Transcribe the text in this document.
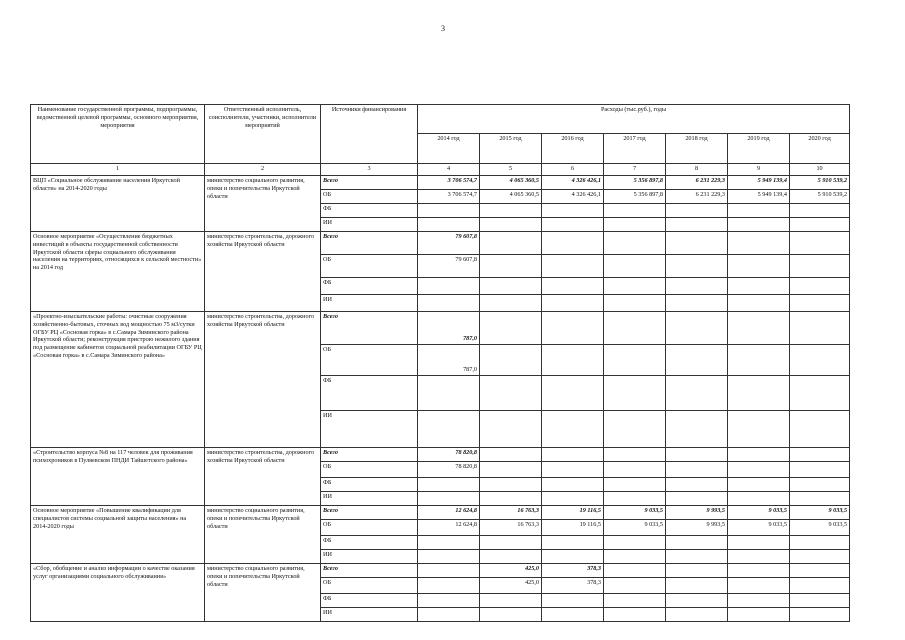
3
Наименование государственной программы, подпрограммы, ведомственной целевой программы, основного мероприятия, мероприятия	Ответственный исполнитель, соисполнители, участники, исполнители мероприятий	Источники финансирования	Расходы (тыс.руб.), годы						
			2014 год	2015 год	2016 год	2017 год	2018 год	2019 год	2020 год
1	2	3	4	5	6	7	8	9	10
ВЦП «Социальное обслуживание населения Иркутской области» на 2014-2020 годы	министерство социального развития, опеки и попечительства Иркутской области	Всего	3 706 574,7	4 065 360,5	4 326 426,1	5 356 897,8	6 231 229,3	5 949 139,4	5 910 539,2
		ОБ	3 706 574,7	4 065 360,5	4 326 426,1	5 356 897,8	6 231 229,3	5 949 139,4	5 910 539,2
		ФБ							
		ИИ							
Основное мероприятие «Осуществление бюджетных инвестиций в объекты государственной собственности Иркутской области сферы социального обслуживания населения на территориях, относящихся к сельской местности» на 2014 год	министерство строительства, дорожного хозяйства Иркутской области	Всего	79 607,8						
		ОБ	79 607,8						
		ФБ							
		ИИ							
«Проектно-изыскательские работы: очистные сооружения хозяйственно-бытовых, сточных вод мощностью 75 м3/сутки ОГБУ РЦ «Сосновая горка» в с.Самара Зиминского района Иркутской области; реконструкция пристрою нежилого здания под размещение кабинетов социальной реабилитации ОГБУ РЦ «Сосновая горка» в с.Самара Зиминского района»	министерство строительства, дорожного хозяйства Иркутской области	Всего	787,0						
		ОБ	787,0						
		ФБ							
		ИИ							
«Строительство корпуса №8 на 117 человек для проживания психохроников в Пуляевском ПНДИ Тайшетского района»	министерство строительства, дорожного хозяйства Иркутской области	Всего	78 820,8						
		ОБ	78 820,8						
		ФБ							
		ИИ							
Основное мероприятие «Повышение квалификации для специалистов системы социальной защиты населения» на 2014-2020 годы	министерство социального развития, опеки и попечительства Иркутской области	Всего	12 624,8	16 763,3	19 116,5	9 033,5	9 993,5	9 033,5	9 033,5
		ОБ	12 624,8	16 763,3	19 116,5	9 033,5	9 993,5	9 033,5	9 033,5
		ФБ							
		ИИ							
«Сбор, обобщение и анализ информации о качестве оказания услуг организациями социального обслуживания»	министерство социального развития, опеки и попечительства Иркутской области	Всего		425,0	378,3				
		ОБ		425,0	378,3				
		ФБ							
		ИИ							
